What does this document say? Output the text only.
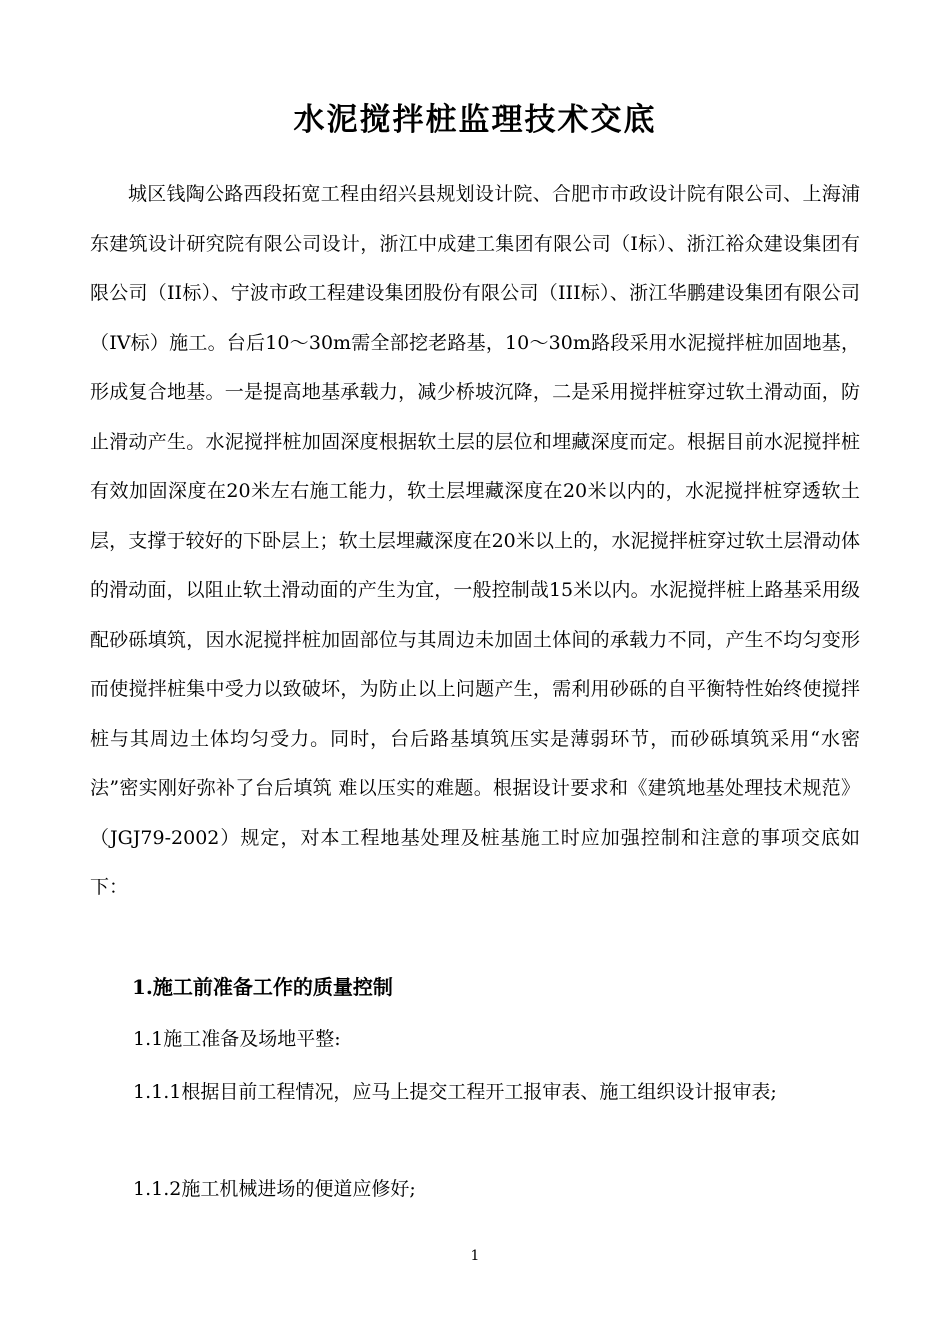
水泥搅拌桩监理技术交底

城区钱陶公路西段拓宽工程由绍兴县规划设计院、合肥市市政设计院有限公司、上海浦东建筑设计研究院有限公司设计，浙江中成建工集团有限公司（I标）、浙江裕众建设集团有限公司（II标）、宁波市政工程建设集团股份有限公司（III标）、浙江华鹏建设集团有限公司（IV标）施工。台后10～30m需全部挖老路基，10～30m路段采用水泥搅拌桩加固地基，形成复合地基。一是提高地基承载力，减少桥坡沉降，二是采用搅拌桩穿过软土滑动面，防止滑动产生。水泥搅拌桩加固深度根据软土层的层位和埋藏深度而定。根据目前水泥搅拌桩有效加固深度在20米左右施工能力，软土层埋藏深度在20米以内的，水泥搅拌桩穿透软土层，支撑于较好的下卧层上；软土层埋藏深度在20米以上的，水泥搅拌桩穿过软土层滑动体的滑动面，以阻止软土滑动面的产生为宜，一般控制哉15米以内。水泥搅拌桩上路基采用级配砂砾填筑，因水泥搅拌桩加固部位与其周边未加固土体间的承载力不同，产生不均匀变形而使搅拌桩集中受力以致破坏，为防止以上问题产生，需利用砂砾的自平衡特性始终使搅拌桩与其周边土体均匀受力。同时，台后路基填筑压实是薄弱环节，而砂砾填筑采用“水密法”密实刚好弥补了台后填筑 难以压实的难题。根据设计要求和《建筑地基处理技术规范》（JGJ79-2002）规定，对本工程地基处理及桩基施工时应加强控制和注意的事项交底如下：

1.施工前准备工作的质量控制
1.1施工准备及场地平整:
1.1.1根据目前工程情况，应马上提交工程开工报审表、施工组织设计报审表;
1.1.2施工机械进场的便道应修好;
1
